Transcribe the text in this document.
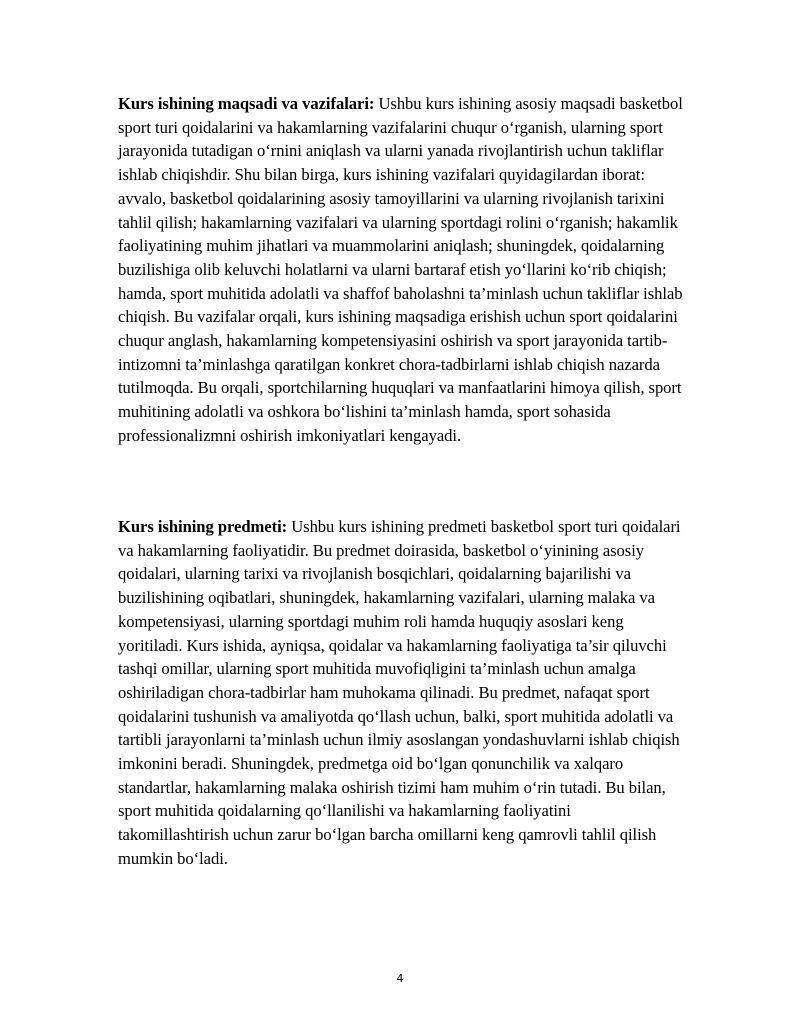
Kurs ishining maqsadi va vazifalari: Ushbu kurs ishining asosiy maqsadi basketbol sport turi qoidalarini va hakamlarning vazifalarini chuqur o‘rganish, ularning sport jarayonida tutadigan o‘rnini aniqlash va ularni yanada rivojlantirish uchun takliflar ishlab chiqishdir. Shu bilan birga, kurs ishining vazifalari quyidagilardan iborat: avvalo, basketbol qoidalarining asosiy tamoyillarini va ularning rivojlanish tarixini tahlil qilish; hakamlarning vazifalari va ularning sportdagi rolini o‘rganish; hakamlik faoliyatining muhim jihatlari va muammolarini aniqlash; shuningdek, qoidalarning buzilishiga olib keluvchi holatlarni va ularni bartaraf etish yo‘llarini ko‘rib chiqish; hamda, sport muhitida adolatli va shaffof baholashni ta’minlash uchun takliflar ishlab chiqish. Bu vazifalar orqali, kurs ishining maqsadiga erishish uchun sport qoidalarini chuqur anglash, hakamlarning kompetensiyasini oshirish va sport jarayonida tartib-intizomni ta’minlashga qaratilgan konkret chora-tadbirlarni ishlab chiqish nazarda tutilmoqda. Bu orqali, sportchilarning huquqlari va manfaatlarini himoya qilish, sport muhitining adolatli va oshkora bo‘lishini ta’minlash hamda, sport sohasida professionalizmni oshirish imkoniyatlari kengayadi.

Kurs ishining predmeti: Ushbu kurs ishining predmeti basketbol sport turi qoidalari va hakamlarning faoliyatidir. Bu predmet doirasida, basketbol o‘yinining asosiy qoidalari, ularning tarixi va rivojlanish bosqichlari, qoidalarning bajarilishi va buzilishining oqibatlari, shuningdek, hakamlarning vazifalari, ularning malaka va kompetensiyasi, ularning sportdagi muhim roli hamda huquqiy asoslari keng yoritiladi. Kurs ishida, ayniqsa, qoidalar va hakamlarning faoliyatiga ta’sir qiluvchi tashqi omillar, ularning sport muhitida muvofiqligini ta’minlash uchun amalga oshiriladigan chora-tadbirlar ham muhokama qilinadi. Bu predmet, nafaqat sport qoidalarini tushunish va amaliyotda qo‘llash uchun, balki, sport muhitida adolatli va tartibli jarayonlarni ta’minlash uchun ilmiy asoslangan yondashuvlarni ishlab chiqish imkonini beradi. Shuningdek, predmetga oid bo‘lgan qonunchilik va xalqaro standartlar, hakamlarning malaka oshirish tizimi ham muhim o‘rin tutadi. Bu bilan, sport muhitida qoidalarning qo‘llanilishi va hakamlarning faoliyatini takomillashtirish uchun zarur bo‘lgan barcha omillarni keng qamrovli tahlil qilish mumkin bo‘ladi.

4
